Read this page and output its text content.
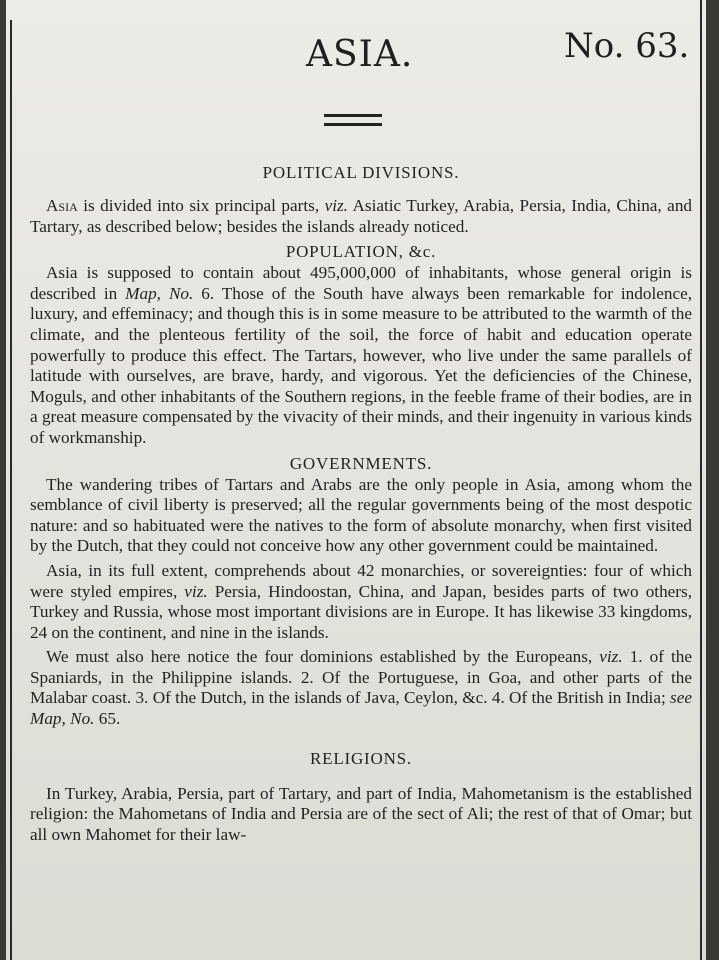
ASIA.	No. 63.
POLITICAL DIVISIONS.

Asia is divided into six principal parts, viz. Asiatic Turkey, Arabia, Persia, India, China, and Tartary, as described below; besides the islands already noticed.

POPULATION, &c.

Asia is supposed to contain about 495,000,000 of inhabitants, whose general origin is described in Map, No. 6. Those of the South have always been remarkable for indolence, luxury, and effeminacy; and though this is in some measure to be attributed to the warmth of the climate, and the plenteous fertility of the soil, the force of habit and education operate powerfully to produce this effect. The Tartars, however, who live under the same parallels of latitude with ourselves, are brave, hardy, and vigorous. Yet the deficiencies of the Chinese, Moguls, and other inhabitants of the Southern regions, in the feeble frame of their bodies, are in a great measure compensated by the vivacity of their minds, and their ingenuity in various kinds of workmanship.

GOVERNMENTS.

The wandering tribes of Tartars and Arabs are the only people in Asia, among whom the semblance of civil liberty is preserved; all the regular governments being of the most despotic nature: and so habituated were the natives to the form of absolute monarchy, when first visited by the Dutch, that they could not conceive how any other government could be maintained.

Asia, in its full extent, comprehends about 42 monarchies, or sovereignties: four of which were styled empires, viz. Persia, Hindoostan, China, and Japan, besides parts of two others, Turkey and Russia, whose most important divisions are in Europe. It has likewise 33 kingdoms, 24 on the continent, and nine in the islands.

We must also here notice the four dominions established by the Europeans, viz. 1. of the Spaniards, in the Philippine islands. 2. Of the Portuguese, in Goa, and other parts of the Malabar coast. 3. Of the Dutch, in the islands of Java, Ceylon, &c. 4. Of the British in India; see Map, No. 65.

RELIGIONS.

In Turkey, Arabia, Persia, part of Tartary, and part of India, Mahometanism is the established religion: the Mahometans of India and Persia are of the sect of Ali; the rest of that of Omar; but all own Mahomet for their law-
